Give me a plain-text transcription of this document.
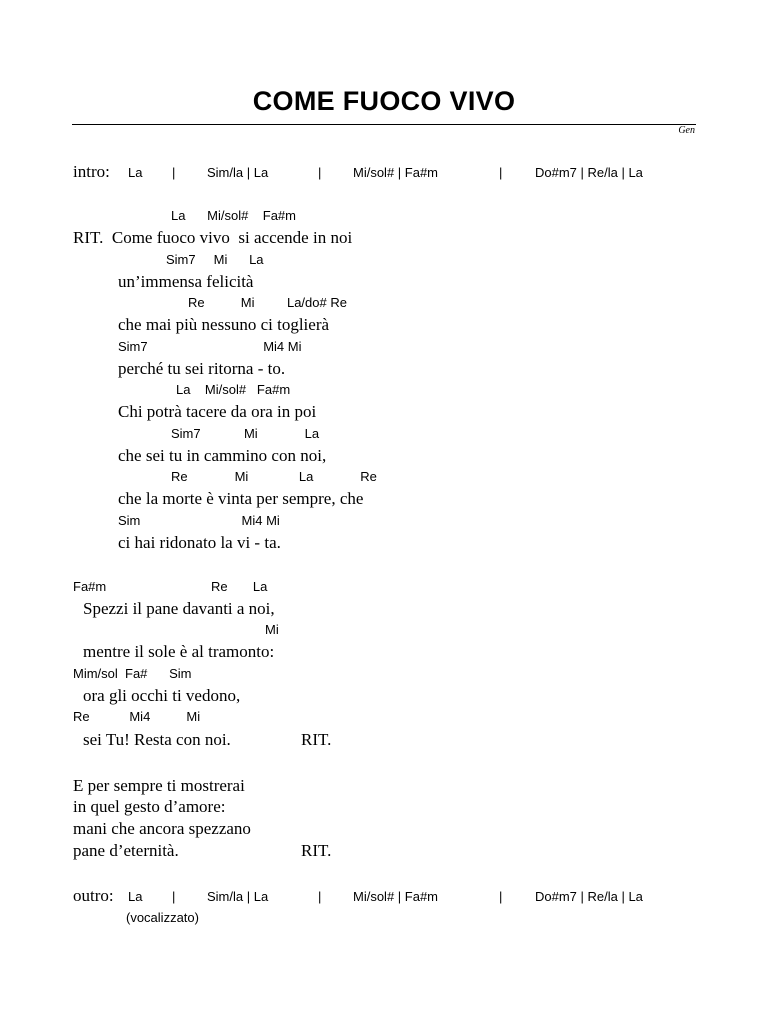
COME FUOCO VIVO
Gen
intro: La | Sim/la | La	| Mi/sol# | Fa#m	|	Do#m7 | Re/la | La
La      Mi/sol#    Fa#m
RIT.  Come fuoco vivo  si accende in noi
Sim7     Mi      La
un’immensa felicità
Re          Mi         La/do# Re
che mai più nessuno ci toglierà
Sim7                                Mi4 Mi
perché tu sei ritorna - to.
La    Mi/sol#   Fa#m
Chi potrà tacere da ora in poi
Sim7            Mi             La
che sei tu in cammino con noi,
Re             Mi              La             Re
che la morte è vinta per sempre, che
Sim                            Mi4 Mi
ci hai ridonato la vi - ta.
Fa#m                             Re       La
Spezzi il pane davanti a noi,
Mi
mentre il sole è al tramonto:
Mim/sol  Fa#      Sim
ora gli occhi ti vedono,
Re           Mi4          Mi
sei Tu! Resta con noi.	RIT.
E per sempre ti mostrerai
in quel gesto d’amore:
mani che ancora spezzano
pane d’eternità.	RIT.
outro: La | Sim/la | La	| Mi/sol# | Fa#m	|	Do#m7 | Re/la | La
(vocalizzato)
